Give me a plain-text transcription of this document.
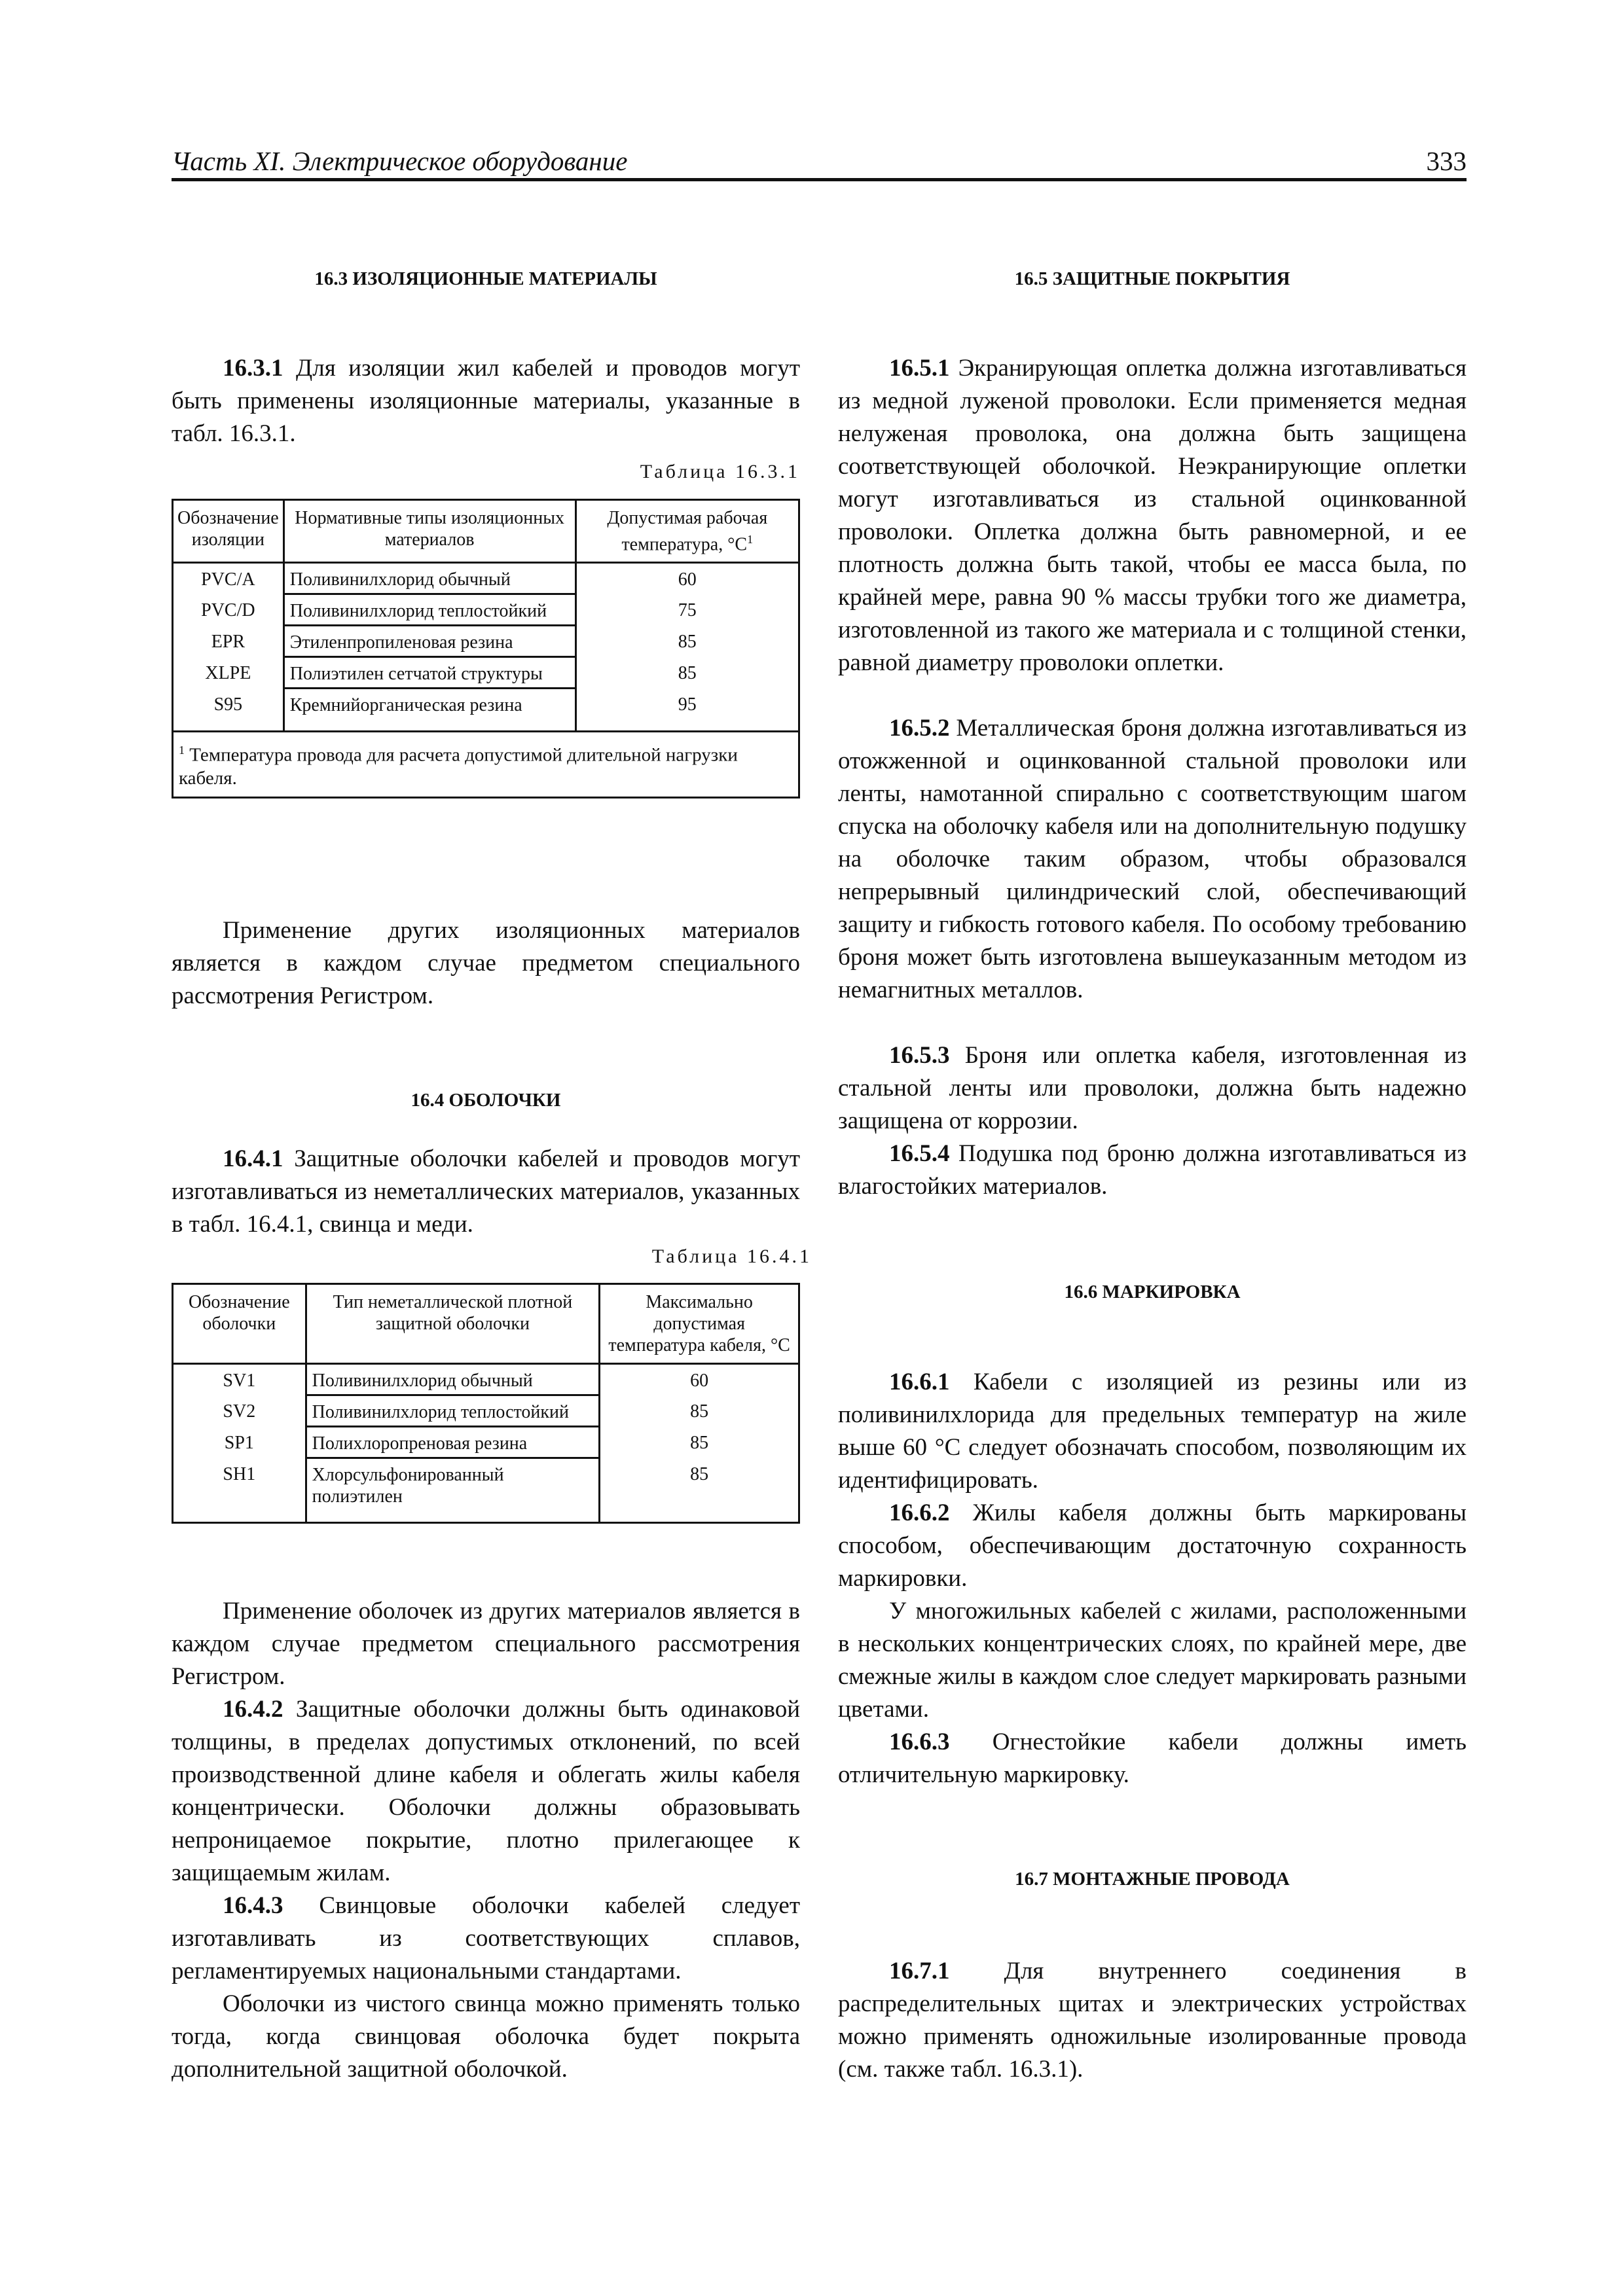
Часть XI. Электрическое оборудование	333
16.3 ИЗОЛЯЦИОННЫЕ МАТЕРИАЛЫ

16.3.1 Для изоляции жил кабелей и проводов могут быть применены изоляционные материалы, указанные в табл. 16.3.1.

Таблица 16.3.1
Обозначение изоляции	Нормативные типы изоляционных материалов	Допустимая рабочая температура, $^\circ C^1$
PVC/A	Поливинилхлорид обычный	60
PVC/D	Поливинилхлорид теплостойкий	75
EPR	Этиленпропиленовая резина	85
XLPE	Полиэтилен сетчатой структуры	85
S95	Кремнийорганическая резина	95
$^1$ Температура провода для расчета допустимой длительной нагрузки кабеля.		

Применение других изоляционных материалов является в каждом случае предметом специального рассмотрения Регистром.

16.4 ОБОЛОЧКИ

16.4.1 Защитные оболочки кабелей и проводов могут изготавливаться из неметаллических материалов, указанных в табл. 16.4.1, свинца и меди.

Таблица 16.4.1
Обозначение оболочки	Тип неметаллической плотной защитной оболочки	Максимально допустимая температура кабеля, °C
SV1	Поливинилхлорид обычный	60
SV2	Поливинилхлорид теплостойкий	85
SP1	Полихлоропреновая резина	85
SH1	Хлорсульфонированный полиэтилен	85

Применение оболочек из других материалов является в каждом случае предметом специального рассмотрения Регистром.

16.4.2 Защитные оболочки должны быть одинаковой толщины, в пределах допустимых отклонений, по всей производственной длине кабеля и облегать жилы кабеля концентрически. Оболочки должны образовывать непроницаемое покрытие, плотно прилегающее к защищаемым жилам.

16.4.3 Свинцовые оболочки кабелей следует изготавливать из соответствующих сплавов, регламентируемых национальными стандартами.

Оболочки из чистого свинца можно применять только тогда, когда свинцовая оболочка будет покрыта дополнительной защитной оболочкой.

16.5 ЗАЩИТНЫЕ ПОКРЫТИЯ

16.5.1 Экранирующая оплетка должна изготавливаться из медной луженой проволоки. Если применяется медная нелуженая проволока, она должна быть защищена соответствующей оболочкой. Неэкранирующие оплетки могут изготавливаться из стальной оцинкованной проволоки. Оплетка должна быть равномерной, и ее плотность должна быть такой, чтобы ее масса была, по крайней мере, равна 90 % массы трубки того же диаметра, изготовленной из такого же материала и с толщиной стенки, равной диаметру проволоки оплетки.

16.5.2 Металлическая броня должна изготавливаться из отожженной и оцинкованной стальной проволоки или ленты, намотанной спирально с соответствующим шагом спуска на оболочку кабеля или на дополнительную подушку на оболочке таким образом, чтобы образовался непрерывный цилиндрический слой, обеспечивающий защиту и гибкость готового кабеля. По особому требованию броня может быть изготовлена вышеуказанным методом из немагнитных металлов.

16.5.3 Броня или оплетка кабеля, изготовленная из стальной ленты или проволоки, должна быть надежно защищена от коррозии.

16.5.4 Подушка под броню должна изготавливаться из влагостойких материалов.

16.6 МАРКИРОВКА

16.6.1 Кабели с изоляцией из резины или из поливинилхлорида для предельных температур на жиле выше 60 °C следует обозначать способом, позволяющим их идентифицировать.

16.6.2 Жилы кабеля должны быть маркированы способом, обеспечивающим достаточную сохранность маркировки.

У многожильных кабелей с жилами, расположенными в нескольких концентрических слоях, по крайней мере, две смежные жилы в каждом слое следует маркировать разными цветами.

16.6.3 Огнестойкие кабели должны иметь отличительную маркировку.

16.7 МОНТАЖНЫЕ ПРОВОДА

16.7.1 Для внутреннего соединения в распределительных щитах и электрических устройствах можно применять одножильные изолированные провода (см. также табл. 16.3.1).
